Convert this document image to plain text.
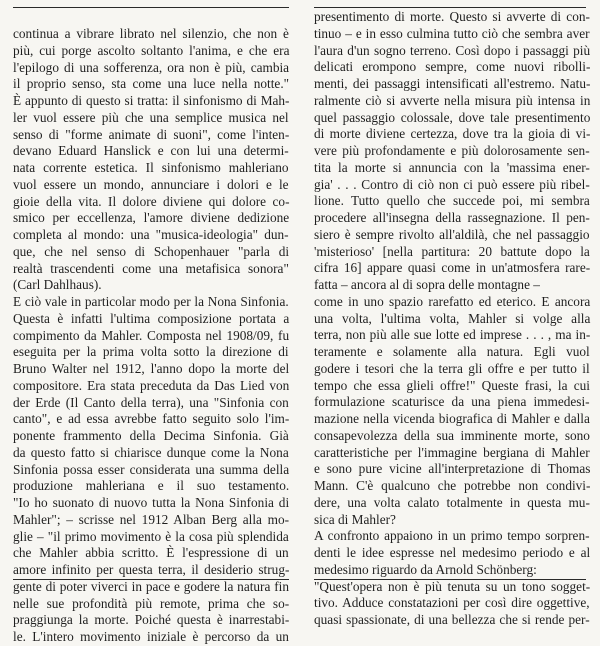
continua a vibrare librato nel silenzio, che non è
più, cui porge ascolto soltanto l'anima, e che era
l'epilogo di una sofferenza, ora non è più, cambia
il proprio senso, sta come una luce nella notte."
È appunto di questo si tratta: il sinfonismo di Mah-
ler vuol essere più che una semplice musica nel
senso di "forme animate di suoni", come l'inten-
devano Eduard Hanslick e con lui una determi-
nata corrente estetica. Il sinfonismo mahleriano
vuol essere un mondo, annunciare i dolori e le
gioie della vita. Il dolore diviene qui dolore co-
smico per eccellenza, l'amore diviene dedizione
completa al mondo: una "musica-ideologia" dun-
que, che nel senso di Schopenhauer "parla di
realtà trascendenti come una metafisica sonora"
(Carl Dahlhaus).
E ciò vale in particolar modo per la Nona Sinfonia.
Questa è infatti l'ultima composizione portata a
compimento da Mahler. Composta nel 1908/09, fu
eseguita per la prima volta sotto la direzione di
Bruno Walter nel 1912, l'anno dopo la morte del
compositore. Era stata preceduta da Das Lied von
der Erde (Il Canto della terra), una "Sinfonia con
canto", e ad essa avrebbe fatto seguito solo l'im-
ponente frammento della Decima Sinfonia. Già
da questo fatto si chiarisce dunque come la Nona
Sinfonia possa esser considerata una summa della
produzione mahleriana e il suo testamento.
"Io ho suonato di nuovo tutta la Nona Sinfonia di
Mahler"; – scrisse nel 1912 Alban Berg alla mo-
glie – "il primo movimento è la cosa più splendida
che Mahler abbia scritto. È l'espressione di un
amore infinito per questa terra, il desiderio strug-
gente di poter viverci in pace e godere la natura fin
nelle sue profondità più remote, prima che so-
praggiunga la morte. Poiché questa è inarrestabi-
le. L'intero movimento iniziale è percorso da un
presentimento di morte. Questo si avverte di con-
tinuo – e in esso culmina tutto ciò che sembra aver
l'aura d'un sogno terreno. Così dopo i passaggi più
delicati erompono sempre, come nuovi ribolli-
menti, dei passaggi intensificati all'estremo. Natu-
ralmente ciò si avverte nella misura più intensa in
quel passaggio colossale, dove tale presentimento
di morte diviene certezza, dove tra la gioia di vi-
vere più profondamente e più dolorosamente sen-
tita la morte si annuncia con la 'massima ener-
gia' . . . Contro di ciò non ci può essere più ribel-
lione. Tutto quello che succede poi, mi sembra
procedere all'insegna della rassegnazione. Il pen-
siero è sempre rivolto all'aldilà, che nel passaggio
'misterioso' [nella partitura: 20 battute dopo la
cifra 16] appare quasi come in un'atmosfera rare-
fatta – ancora al di sopra delle montagne –
come in uno spazio rarefatto ed eterico. E ancora
una volta, l'ultima volta, Mahler si volge alla
terra, non più alle sue lotte ed imprese . . . , ma in-
teramente e solamente alla natura. Egli vuol
godere i tesori che la terra gli offre e per tutto il
tempo che essa glieli offre!" Queste frasi, la cui
formulazione scaturisce da una piena immedesi-
mazione nella vicenda biografica di Mahler e dalla
consapevolezza della sua imminente morte, sono
caratteristiche per l'immagine bergiana di Mahler
e sono pure vicine all'interpretazione di Thomas
Mann. C'è qualcuno che potrebbe non condivi-
dere, una volta calato totalmente in questa mu-
sica di Mahler?
A confronto appaiono in un primo tempo sorpren-
denti le idee espresse nel medesimo periodo e al
medesimo riguardo da Arnold Schönberg:
"Quest'opera non è più tenuta su un tono sogget-
tivo. Adduce constatazioni per così dire oggettive,
quasi spassionate, di una bellezza che si rende per-
